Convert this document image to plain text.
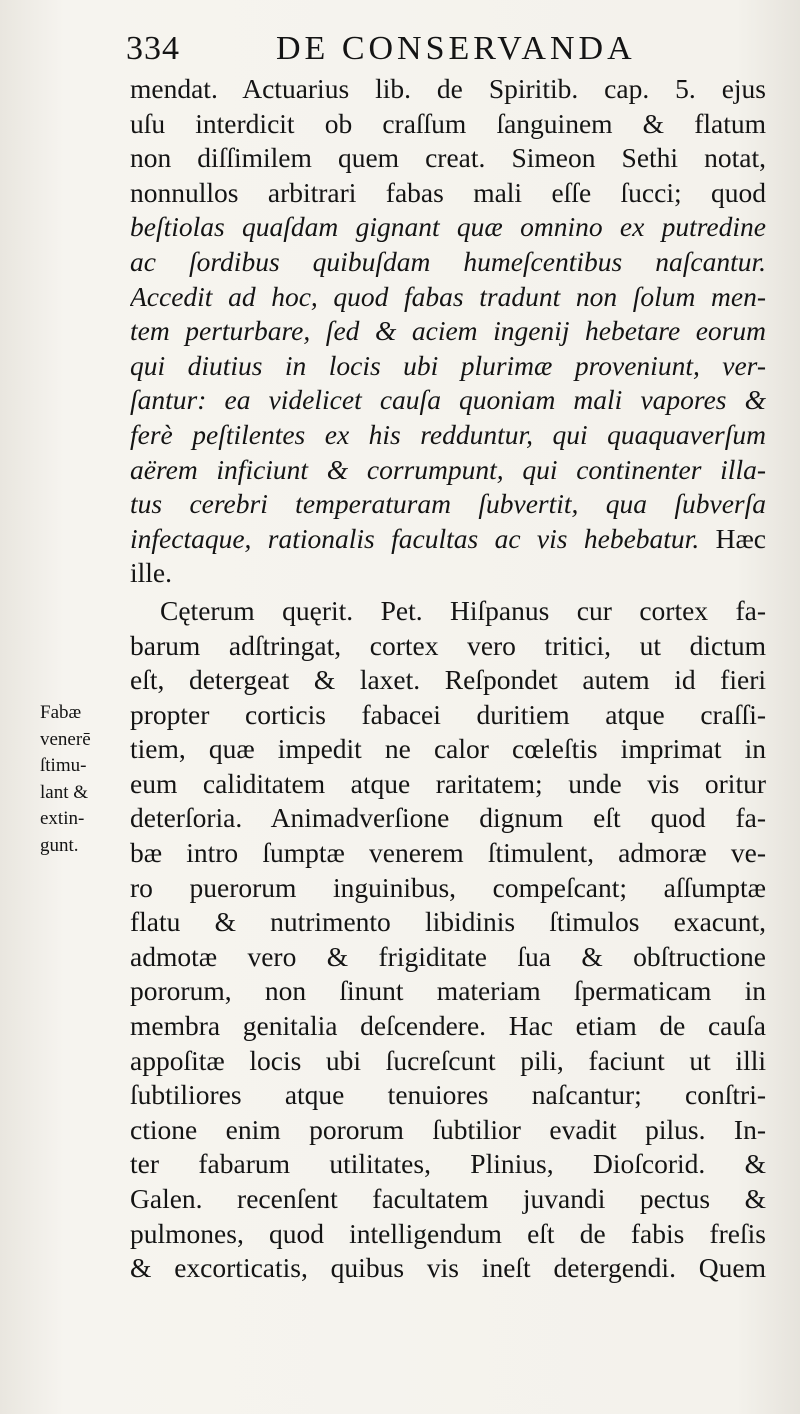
334	DE CONSERVANDA
Fabæ
venerē
ſtimu-
lant &
extin-
gunt.
mendat. Actuarius lib. de Spiritib. cap. 5. ejus
uſu interdicit ob craſſum ſanguinem & flatum
non diſſimilem quem creat. Simeon Sethi notat,
nonnullos arbitrari fabas mali eſſe ſucci; quod
beſtiolas quaſdam gignant quæ omnino ex putredine
ac ſordibus quibuſdam humeſcentibus naſcantur.
Accedit ad hoc, quod fabas tradunt non ſolum men-
tem perturbare, ſed & aciem ingenij hebetare eorum
qui diutius in locis ubi plurimæ proveniunt, ver-
ſantur: ea videlicet cauſa quoniam mali vapores &
ferè peſtilentes ex his redduntur, qui quaquaverſum
aërem inficiunt & corrumpunt, qui continenter illa-
tus cerebri temperaturam ſubvertit, qua ſubverſa
infectaque, rationalis facultas ac vis hebebatur. Hæc
ille.
Cęterum quęrit. Pet. Hiſpanus cur cortex fa-
barum adſtringat, cortex vero tritici, ut dictum
eſt, detergeat & laxet. Reſpondet autem id fieri
propter corticis fabacei duritiem atque craſſi-
tiem, quæ impedit ne calor cœleſtis imprimat in
eum caliditatem atque raritatem; unde vis oritur
deterſoria. Animadverſione dignum eſt quod fa-
bæ intro ſumptæ venerem ſtimulent, admoræ ve-
ro puerorum inguinibus, compeſcant; aſſumptæ
flatu & nutrimento libidinis ſtimulos exacunt,
admotæ vero & frigiditate ſua & obſtructione
pororum, non ſinunt materiam ſpermaticam in
membra genitalia deſcendere. Hac etiam de cauſa
appoſitæ locis ubi ſucreſcunt pili, faciunt ut illi
ſubtiliores atque tenuiores naſcantur; conſtri-
ctione enim pororum ſubtilior evadit pilus. In-
ter fabarum utilitates, Plinius, Dioſcorid. &
Galen. recenſent facultatem juvandi pectus &
pulmones, quod intelligendum eſt de fabis freſis
& excorticatis, quibus vis ineſt detergendi. Quem
